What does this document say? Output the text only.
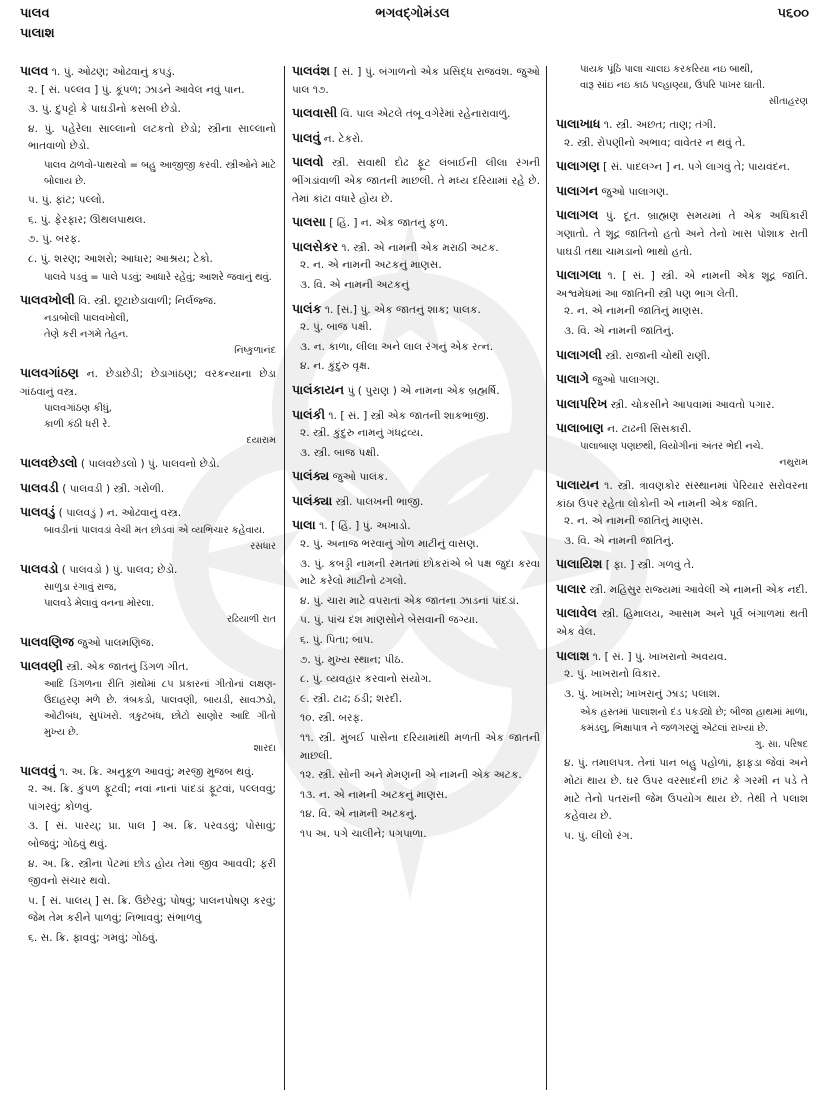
પાલવ
પાલાશ
ભગવદ્ગોમંડલ	૫૬૦૦
પાલવ ૧. પું. ઓઢણ; ઓઢવાનું કપડું.
૨. [ સં. પલ્લવ ] પું. કૂંપળ; ઝાડને આવેલ નવું પાન.
૩. પું. દુપટ્ટો કે પાઘડીનો કસબી છેડો.
૪. પું. પહેરેલા સાલ્લાનો લટકતો છેડો; સ્ત્રીના સાલ્લાનો ભાતવાળો છેડો.
પાલવ ઢાળવો-પાથરવો = બહુ આજીજી કરવી. સ્ત્રીઓને માટે બોલાય છે.
૫. પું. ફાંટ; પલ્લો.
૬. પું. ફેરફાર; ઊથલપાથલ.
૭. પું. બરફ.
૮. પું. શરણ; આશરો; આધાર; આશ્રય; ટેકો.
પાલવે પડવું = પાલે પડવું; આધારે રહેવું; આશરે જવાનું થવું.
પાલવખોલી વિ. સ્ત્રી. છૂટાછેડાવાળી; નિર્લજ્જ.
નડાબોલી પાલવખોલી,
તેણે કરી નગમે તેહન.
નિષ્કુળાનંદ
પાલવગાંઠણ ન. છેડાછેડી; છેડાગાંઠણ; વરકન્યાના છેડા ગાંઠવાનું વસ્ત્ર.
પાલવગાંઠણ કીધું,
કાળી કંઠી ધરી રે.
દયારામ
પાલવછેડલો ( પાલવછેડલો ) પું. પાલવનો છેડો.
પાલવડી ( પાલવડી ) સ્ત્રી. ગરોળી.
પાલવડું ( પાલવડું ) ન. ઓઢવાનું વસ્ત્ર.
બાવડીનાં પાલવડાં વેચી મત છોડવાં એ વ્યભિચાર કહેવાય.
રસધાર
પાલવડો ( પાલવડો ) પું. પાલવ; છેડો.
સાળુડા રંગાવું રાજ,
પાલવડે મેલાવું વનના મોરલા.
રઢિયાળી રાત
પાલવણિજ જુઓ પાલમણિજ.
પાલવણી સ્ત્રી. એક જાતનું ડિંગળ ગીત.
આદિ ડિંગળના રીતિ ગ્રંથોમાં ૮૫ પ્રકારનાં ગીતોનાં લક્ષણ-ઉદાહરણ મળે છે. ત્રંબકડો, પાલવણી, બાયડી, સાવઝડો, ઓટીબંધ, સુપંખરો. ત્રકુટબંધ, છોટો સાણોર આદિ ગીતો મુખ્ય છે.
શારદા
પાલવવું ૧. અ. ક્રિ. અનુકૂળ આવવું; મરજી મુજબ થવું.
૨. અ. ક્રિ. કુંપળ ફૂટવી; નવાં નાનાં પાંદડાં ફૂટવાં, પલ્લવવું; પાંગરવું; કોળવું.
૩. [ સં. પારય્; પ્રા. પાલ ] અ. ક્રિ. પરવડવું; પોસાવું; બોજવું; ગોઠવું થવું.
૪. અ. ક્રિ. સ્ત્રીના પેટમાં છોડ હોય તેમાં જીવ આવવી; ફરી જીવનો સંચાર થવો.
૫. [ સં. પાલય્ ] સ. ક્રિ. ઉછેરવું; પોષવું; પાલનપોષણ કરવું; જેમ તેમ કરીને પાળવું; નિભાવવું; સંભાળવું
૬. સ. ક્રિ. ફાવવું; ગમવું; ગોઠવું.
પાલવંશ [ સં. ] પું. બંગાળનો એક પ્રસિદ્ધ રાજવંશ. જુઓ પાલ ૧૭.
પાલવાસી વિ. પાલ એટલે તંબૂ વગેરેમાં રહેનારાવાળું.
પાલવું ન. ટેકરો.
પાલવો સ્ત્રી. સવાથી દોઢ ફૂટ લંબાઈની લીલા રંગની ભીંગડાંવાળી એક જાતની માછલી. તે મધ્ય દરિયામાં રહે છે. તેમાં કાંટા વધારે હોય છે.
પાલસા [ હિં. ] ન. એક જાતનું ફળ.
પાલસેકર ૧. સ્ત્રી. એ નામની એક મરાઠી અટક.
૨. ન. એ નામની અટકનું માણસ.
૩. વિ. એ નામની અટકનું
પાલંક ૧. [સં.] પું. એક જાતનું શાક; પાલક.
૨. પું. બાજ પક્ષી.
૩. ન. કાળા, લીલા અને લાલ રંગનું એક રત્ન.
૪. ન. કુંદુરુ વૃક્ષ.
પાલંકાયન પું ( પુરાણ ) એ નામના એક બ્રહ્મર્ષિ.
પાલંકી ૧. [ સં. ] સ્ત્રી એક જાતની શાકભાજી.
૨. સ્ત્રી. કુંદુરુ નામનું ગંધદ્રવ્ય.
૩. સ્ત્રી. બાજ પક્ષી.
પાલંક્ય જુઓ પાલંક.
પાલંક્યા સ્ત્રી. પાલખની ભાજી.
પાલા ૧. [ હિં. ] પું. અખાડો.
૨. પું. અનાજ ભરવાનું ગોળ માટીનું વાસણ.
૩. પું. કબડ્ડી નામની રમતમાં છોકરાંએ બે પક્ષ જુદા કરવા માટે કરેલો માટીનો ઢગલો.
૪. પું. ચારા માટે વપરાતાં એક જાતના ઝાડનાં પાંદડાં.
૫. પું. પાંચ દશ માણસોને બેસવાની જગ્યા.
૬. પું. પિતા; બાપ.
૭. પું. મુખ્ય સ્થાન; પીઠ.
૮. પું. વ્યવહાર કરવાનો સંયોગ.
૯. સ્ત્રી. ટાઢ; ઠંડી; શરદી.
૧૦. સ્ત્રી. બરફ.
૧૧. સ્ત્રી. મુંબઈ પાસેના દરિયામાંથી મળતી એક જાતની માછલી.
૧૨. સ્ત્રી. સોની અને મેમણની એ નામની એક અટક.
૧૩. ન. એ નામની અટકનું માણસ.
૧૪. વિ. એ નામની અટકનું.
૧૫ અ. પગે ચાલીને; પગપાળા.
પાયક પૂંઠિ પાલા ચાલઇ કરકરિયા નઇ બાથી,
વારૂ સાંઇ નઇ કાઠ પલ્હાણ્યા, ઉપરિ પાખર ઘાતી.
સીતાહરણ
પાલાખાધ ૧. સ્ત્રી. અછત; તાણ; તંગી.
૨. સ્ત્રી. રોપણીનો અભાવ; વાવેતર ન થવું તે.
પાલાગણ [ સં. પાદલગ્ન ] ન. પગે લાગવું તે; પાયવંદન.
પાલાગન જુઓ પાલાગણ.
પાલાગલ પું. દૂત. બ્રાહ્મણ સમયમાં તે એક અધિકારી ગણાતો. તે શૂદ્ર જાતિનો હતો અને તેનો ખાસ પોશાક રાતી પાઘડી તથા ચામડાનો ભાથો હતો.
પાલાગલા ૧. [ સં. ] સ્ત્રી. એ નામની એક શૂદ્ર જાતિ. અશ્વમેધમાં આ જાતિની સ્ત્રી પણ ભાગ લેતી.
૨. ન. એ નામની જાતિનું માણસ.
૩. વિ. એ નામની જાતિનું.
પાલાગલી સ્ત્રી. રાજાની ચોથી રાણી.
પાલાગે જુઓ પાલાગણ.
પાલાપરિખ સ્ત્રી. ચોકસીને આપવામાં આવતો પગાર.
પાલાબાણ ન. ટાઢની સિસકારી.
પાલાબાણ પણછથી, વિયોગીનાં અંતર ભેદી નચે.
નથુરામ
પાલાયન ૧. સ્ત્રી. ત્રાવણકોર સંસ્થાનમાં પેરિયાર સરોવરના કાંઠા ઉપર રહેતા લોકોની એ નામની એક જાતિ.
૨. ન. એ નામની જાતિનું માણસ.
૩. વિ. એ નામની જાતિનું.
પાલાયિશ [ ફા. ] સ્ત્રી. ગળવું તે.
પાલાર સ્ત્રી. મહિસુર રાજ્યમાં આવેલી એ નામની એક નદી.
પાલાવેલ સ્ત્રી. હિમાલય, આસામ અને પૂર્વ બંગાળમાં થતી એક વેલ.
પાલાશ ૧. [ સં. ] પું. ખાખરાનો અવયવ.
૨. પું. ખાખરાનો વિકાર.
૩. પું. ખાખરો; ખાખરાનું ઝાડ; પલાશ.
એક હસ્તમાં પાલાશનો દંડ પકડ્યો છે; બીજા હાથમાં માળા, કમંડલુ, ભિક્ષાપાત્ર ને જળગરણું એટલાં રાખ્યાં છે.
ગુ. સા. પરિષદ
૪. પું. તમાલપત્ર. તેનાં પાન બહુ પહોળાં, ફાફડા જેવાં અને મોટાં થાય છે. ઘર ઉપર વરસાદની છાંટ કે ગરમી ન પડે તે માટે તેનો પતરાંની જેમ ઉપયોગ થાય છે. તેથી તે પલાશ કહેવાય છે.
૫. પું. લીલો રંગ.
